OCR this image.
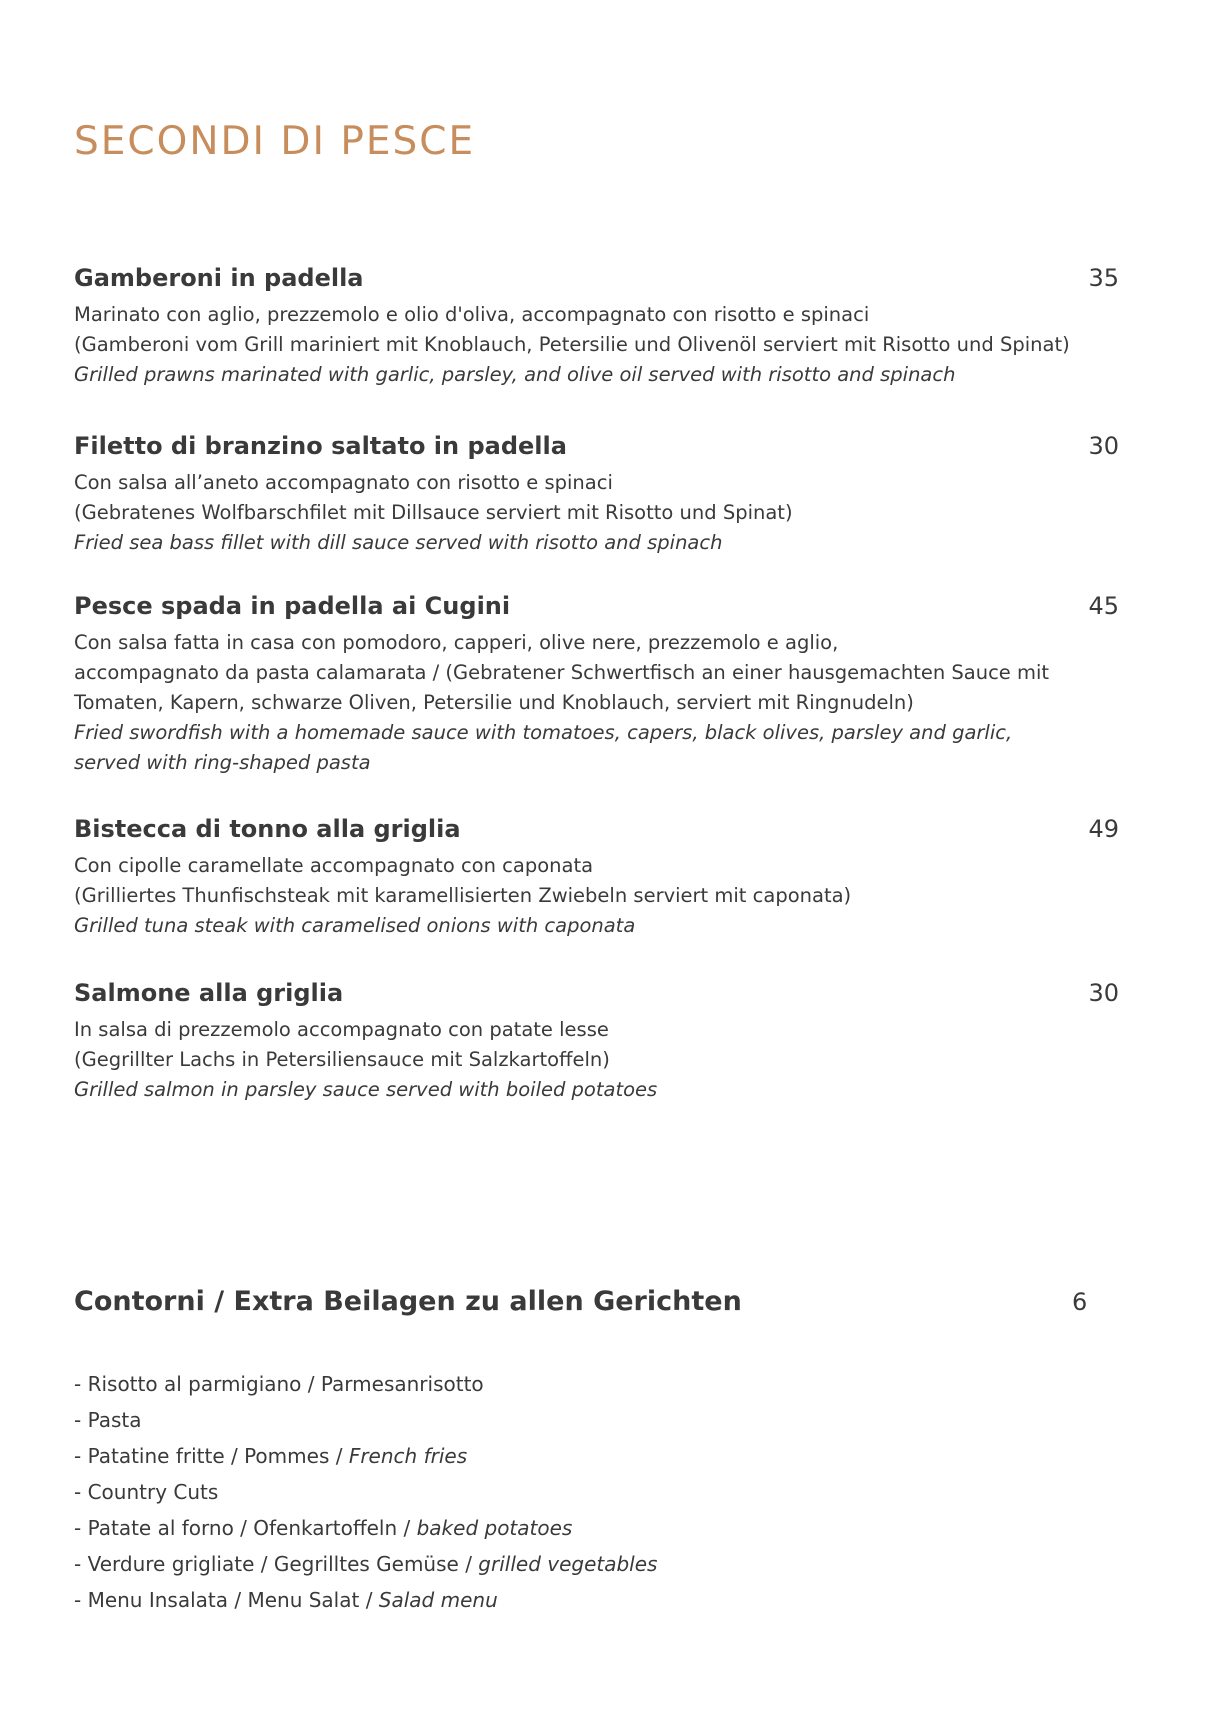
SECONDI DI PESCE
Gamberoni in padella	35
Marinato con aglio, prezzemolo e olio d'oliva, accompagnato con risotto e spinaci
(Gamberoni vom Grill mariniert mit Knoblauch, Petersilie und Olivenöl serviert mit Risotto und Spinat)
Grilled prawns marinated with garlic, parsley, and olive oil served with risotto and spinach
Filetto di branzino saltato in padella	30
Con salsa all’aneto accompagnato con risotto e spinaci
(Gebratenes Wolfbarschfilet mit Dillsauce serviert mit Risotto und Spinat)
Fried sea bass fillet with dill sauce served with risotto and spinach
Pesce spada in padella ai Cugini	45
Con salsa fatta in casa con pomodoro, capperi, olive nere, prezzemolo e aglio,
accompagnato da pasta calamarata / (Gebratener Schwertfisch an einer hausgemachten Sauce mit
Tomaten, Kapern, schwarze Oliven, Petersilie und Knoblauch, serviert mit Ringnudeln)
Fried swordfish with a homemade sauce with tomatoes, capers, black olives, parsley and garlic,
served with ring-shaped pasta
Bistecca di tonno alla griglia	49
Con cipolle caramellate accompagnato con caponata
(Grilliertes Thunfischsteak mit karamellisierten Zwiebeln serviert mit caponata)
Grilled tuna steak with caramelised onions with caponata
Salmone alla griglia	30
In salsa di prezzemolo accompagnato con patate lesse
(Gegrillter Lachs in Petersiliensauce mit Salzkartoffeln)
Grilled salmon in parsley sauce served with boiled potatoes
Contorni / Extra Beilagen zu allen Gerichten	6
- Risotto al parmigiano / Parmesanrisotto
- Pasta
- Patatine fritte / Pommes / French fries
- Country Cuts
- Patate al forno / Ofenkartoffeln / baked potatoes
- Verdure grigliate / Gegrilltes Gemüse / grilled vegetables
- Menu Insalata / Menu Salat / Salad menu
